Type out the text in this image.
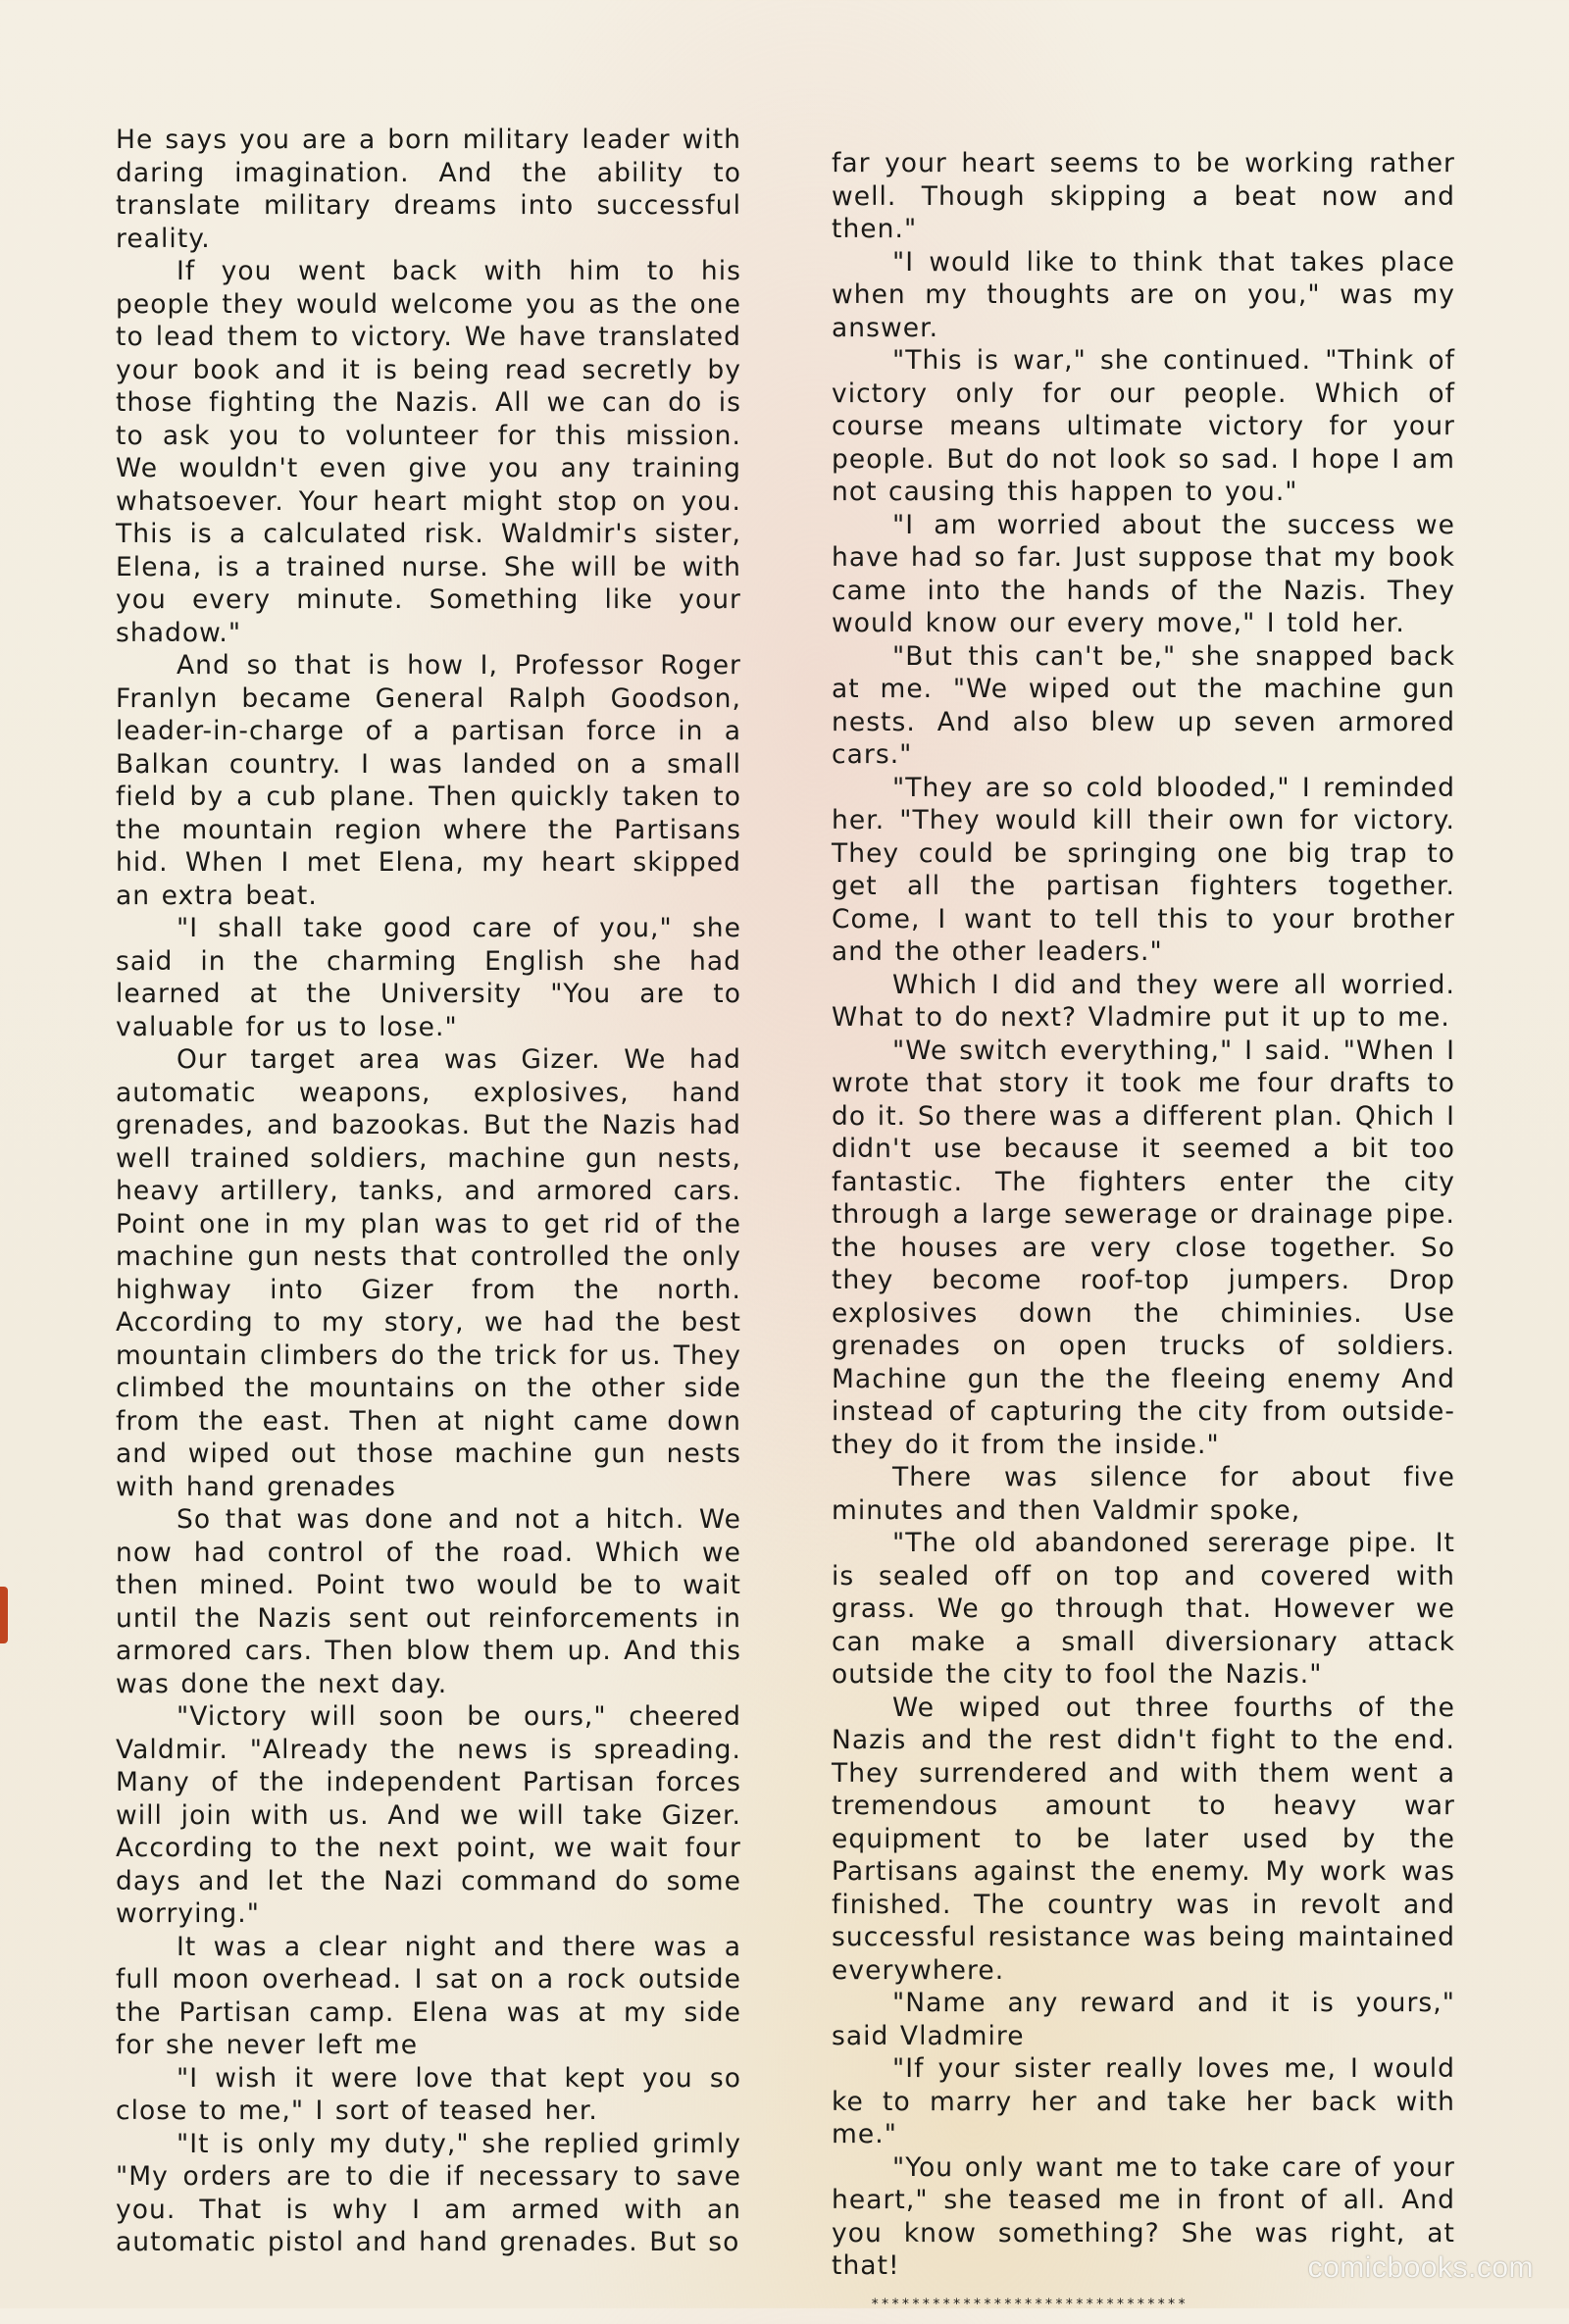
He says you are a born military leader with daring imagination. And the ability to translate military dreams into successful reality.

If you went back with him to his people they would welcome you as the one to lead them to victory. We have translated your book and it is being read secretly by those fighting the Nazis. All we can do is to ask you to volunteer for this mission. We wouldn't even give you any training whatsoever. Your heart might stop on you. This is a calculated risk. Waldmir's sister, Elena, is a trained nurse. She will be with you every minute. Something like your shadow."

And so that is how I, Professor Roger Franlyn became General Ralph Goodson, leader-in-charge of a partisan force in a Balkan country. I was landed on a small field by a cub plane. Then quickly taken to the mountain region where the Partisans hid. When I met Elena, my heart skipped an extra beat.

"I shall take good care of you," she said in the charming English she had learned at the University "You are to valuable for us to lose."

Our target area was Gizer. We had automatic weapons, explosives, hand grenades, and bazookas. But the Nazis had well trained soldiers, machine gun nests, heavy artillery, tanks, and armored cars. Point one in my plan was to get rid of the machine gun nests that controlled the only highway into Gizer from the north. According to my story, we had the best mountain climbers do the trick for us. They climbed the mountains on the other side from the east. Then at night came down and wiped out those machine gun nests with hand grenades

So that was done and not a hitch. We now had control of the road. Which we then mined. Point two would be to wait until the Nazis sent out reinforcements in armored cars. Then blow them up. And this was done the next day.

"Victory will soon be ours," cheered Valdmir. "Already the news is spreading. Many of the independent Partisan forces will join with us. And we will take Gizer. According to the next point, we wait four days and let the Nazi command do some worrying."

It was a clear night and there was a full moon overhead. I sat on a rock outside the Partisan camp. Elena was at my side for she never left me

"I wish it were love that kept you so close to me," I sort of teased her.

"It is only my duty," she replied grimly "My orders are to die if necessary to save you. That is why I am armed with an automatic pistol and hand grenades. But so

far your heart seems to be working rather well. Though skipping a beat now and then."

"I would like to think that takes place when my thoughts are on you," was my answer.

"This is war," she continued. "Think of victory only for our people. Which of course means ultimate victory for your people. But do not look so sad. I hope I am not causing this happen to you."

"I am worried about the success we have had so far. Just suppose that my book came into the hands of the Nazis. They would know our every move," I told her.

"But this can't be," she snapped back at me. "We wiped out the machine gun nests. And also blew up seven armored cars."

"They are so cold blooded," I reminded her. "They would kill their own for victory. They could be springing one big trap to get all the partisan fighters together. Come, I want to tell this to your brother and the other leaders."

Which I did and they were all worried. What to do next? Vladmire put it up to me.

"We switch everything," I said. "When I wrote that story it took me four drafts to do it. So there was a different plan. Qhich I didn't use because it seemed a bit too fantastic. The fighters enter the city through a large sewerage or drainage pipe. the houses are very close together. So they become roof-top jumpers. Drop explosives down the chiminies. Use grenades on open trucks of soldiers. Machine gun the the fleeing enemy And instead of capturing the city from outside-they do it from the inside."

There was silence for about five minutes and then Valdmir spoke,

"The old abandoned sererage pipe. It is sealed off on top and covered with grass. We go through that. However we can make a small diversionary attack outside the city to fool the Nazis."

We wiped out three fourths of the Nazis and the rest didn't fight to the end. They surrendered and with them went a tremendous amount to heavy war equipment to be later used by the Partisans against the enemy. My work was finished. The country was in revolt and successful resistance was being maintained everywhere.

"Name any reward and it is yours," said Vladmire

"If your sister really loves me, I would ke to marry her and take her back with me."

"You only want me to take care of your heart," she teased me in front of all. And you know something? She was right, at that!

*******************************
comicbooks.com
